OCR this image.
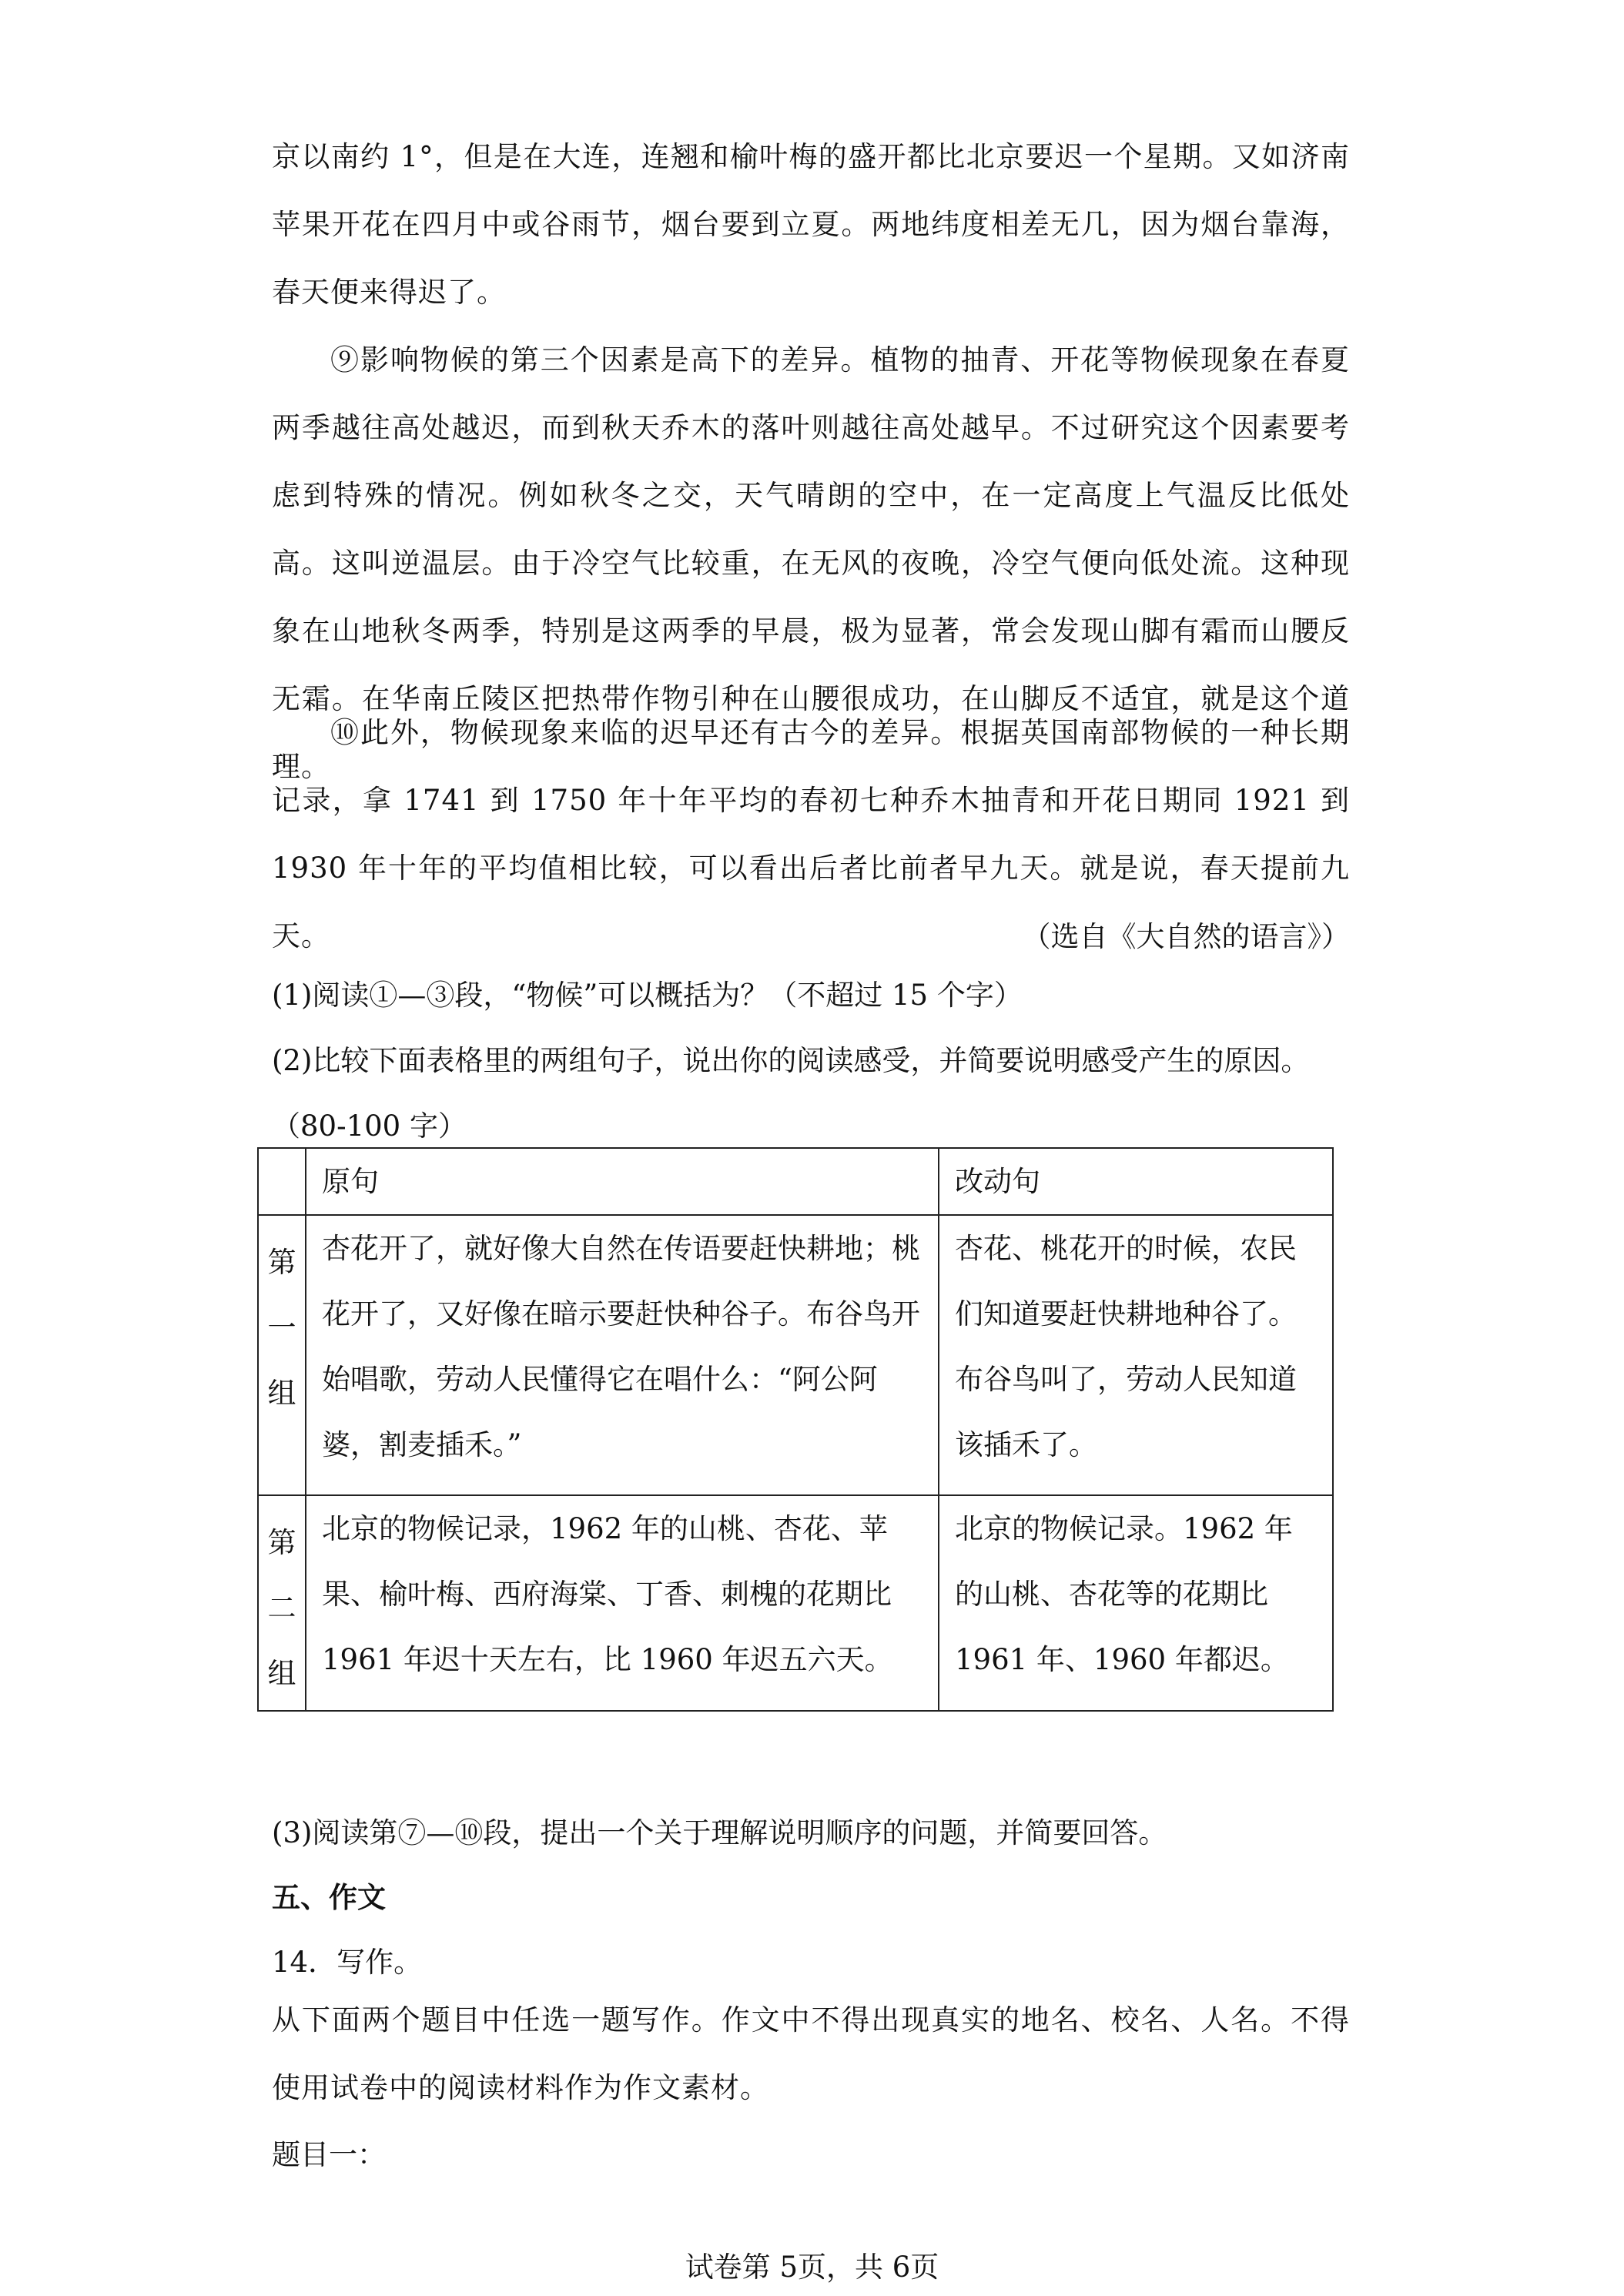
京以南约 1°，但是在大连，连翘和榆叶梅的盛开都比北京要迟一个星期。又如济南苹果开花在四月中或谷雨节，烟台要到立夏。两地纬度相差无几，因为烟台靠海，春天便来得迟了。

⑨影响物候的第三个因素是高下的差异。植物的抽青、开花等物候现象在春夏两季越往高处越迟，而到秋天乔木的落叶则越往高处越早。不过研究这个因素要考虑到特殊的情况。例如秋冬之交，天气晴朗的空中，在一定高度上气温反比低处高。这叫逆温层。由于冷空气比较重，在无风的夜晚，冷空气便向低处流。这种现象在山地秋冬两季，特别是这两季的早晨，极为显著，常会发现山脚有霜而山腰反无霜。在华南丘陵区把热带作物引种在山腰很成功，在山脚反不适宜，就是这个道理。

⑩此外，物候现象来临的迟早还有古今的差异。根据英国南部物候的一种长期记录，拿 1741 到 1750 年十年平均的春初七种乔木抽青和开花日期同 1921 到 1930 年十年的平均值相比较，可以看出后者比前者早九天。就是说，春天提前九天。	（选自《大自然的语言》）

(1)阅读①—③段，“物候”可以概括为？（不超过 15 个字）

(2)比较下面表格里的两组句子，说出你的阅读感受，并简要说明感受产生的原因。

（80-100 字）

	原句	改动句

第
一
组	杏花开了，就好像大自然在传语要赶快耕地；桃花开了，又好像在暗示要赶快种谷子。布谷鸟开始唱歌，劳动人民懂得它在唱什么：“阿公阿婆，割麦插禾。”	杏花、桃花开的时候，农民们知道要赶快耕地种谷了。布谷鸟叫了，劳动人民知道该插禾了。

第
二
组	北京的物候记录，1962 年的山桃、杏花、苹果、榆叶梅、西府海棠、丁香、刺槐的花期比 1961 年迟十天左右，比 1960 年迟五六天。	北京的物候记录。1962 年的山桃、杏花等的花期比 1961 年、1960 年都迟。

(3)阅读第⑦—⑩段，提出一个关于理解说明顺序的问题，并简要回答。

五、作文

14．写作。

从下面两个题目中任选一题写作。作文中不得出现真实的地名、校名、人名。不得使用试卷中的阅读材料作为作文素材。

题目一：

试卷第 5页，共 6页
